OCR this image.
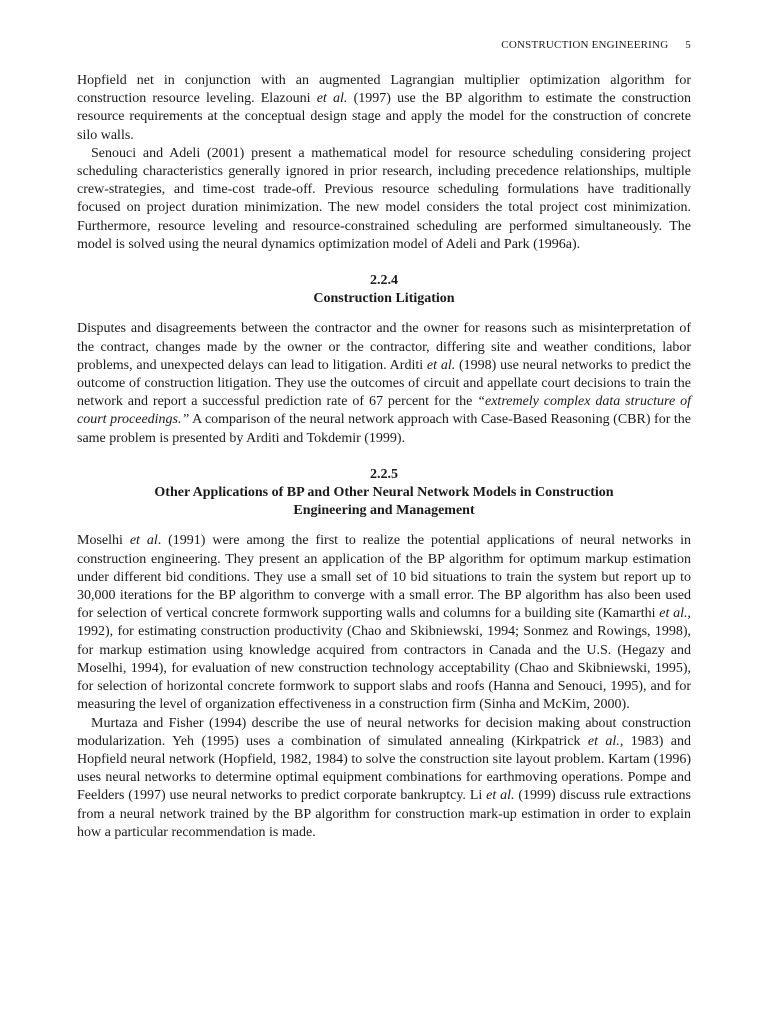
CONSTRUCTION ENGINEERING 5

Hopfield net in conjunction with an augmented Lagrangian multiplier optimization algorithm for construction resource leveling. Elazouni et al. (1997) use the BP algorithm to estimate the construction resource requirements at the conceptual design stage and apply the model for the construction of concrete silo walls.

Senouci and Adeli (2001) present a mathematical model for resource scheduling considering project scheduling characteristics generally ignored in prior research, including precedence relationships, multiple crew-strategies, and time-cost trade-off. Previous resource scheduling formulations have traditionally focused on project duration minimization. The new model considers the total project cost minimization. Furthermore, resource leveling and resource-constrained scheduling are performed simultaneously. The model is solved using the neural dynamics optimization model of Adeli and Park (1996a).

2.2.4
Construction Litigation

Disputes and disagreements between the contractor and the owner for reasons such as misinterpretation of the contract, changes made by the owner or the contractor, differing site and weather conditions, labor problems, and unexpected delays can lead to litigation. Arditi et al. (1998) use neural networks to predict the outcome of construction litigation. They use the outcomes of circuit and appellate court decisions to train the network and report a successful prediction rate of 67 percent for the “extremely complex data structure of court proceedings.” A comparison of the neural network approach with Case-Based Reasoning (CBR) for the same problem is presented by Arditi and Tokdemir (1999).

2.2.5
Other Applications of BP and Other Neural Network Models in Construction
Engineering and Management

Moselhi et al. (1991) were among the first to realize the potential applications of neural networks in construction engineering. They present an application of the BP algorithm for optimum markup estimation under different bid conditions. They use a small set of 10 bid situations to train the system but report up to 30,000 iterations for the BP algorithm to converge with a small error. The BP algorithm has also been used for selection of vertical concrete formwork supporting walls and columns for a building site (Kamarthi et al., 1992), for estimating construction productivity (Chao and Skibniewski, 1994; Sonmez and Rowings, 1998), for markup estimation using knowledge acquired from contractors in Canada and the U.S. (Hegazy and Moselhi, 1994), for evaluation of new construction technology acceptability (Chao and Skibniewski, 1995), for selection of horizontal concrete formwork to support slabs and roofs (Hanna and Senouci, 1995), and for measuring the level of organization effectiveness in a construction firm (Sinha and McKim, 2000).

Murtaza and Fisher (1994) describe the use of neural networks for decision making about construction modularization. Yeh (1995) uses a combination of simulated annealing (Kirkpatrick et al., 1983) and Hopfield neural network (Hopfield, 1982, 1984) to solve the construction site layout problem. Kartam (1996) uses neural networks to determine optimal equipment combinations for earthmoving operations. Pompe and Feelders (1997) use neural networks to predict corporate bankruptcy. Li et al. (1999) discuss rule extractions from a neural network trained by the BP algorithm for construction mark-up estimation in order to explain how a particular recommendation is made.
